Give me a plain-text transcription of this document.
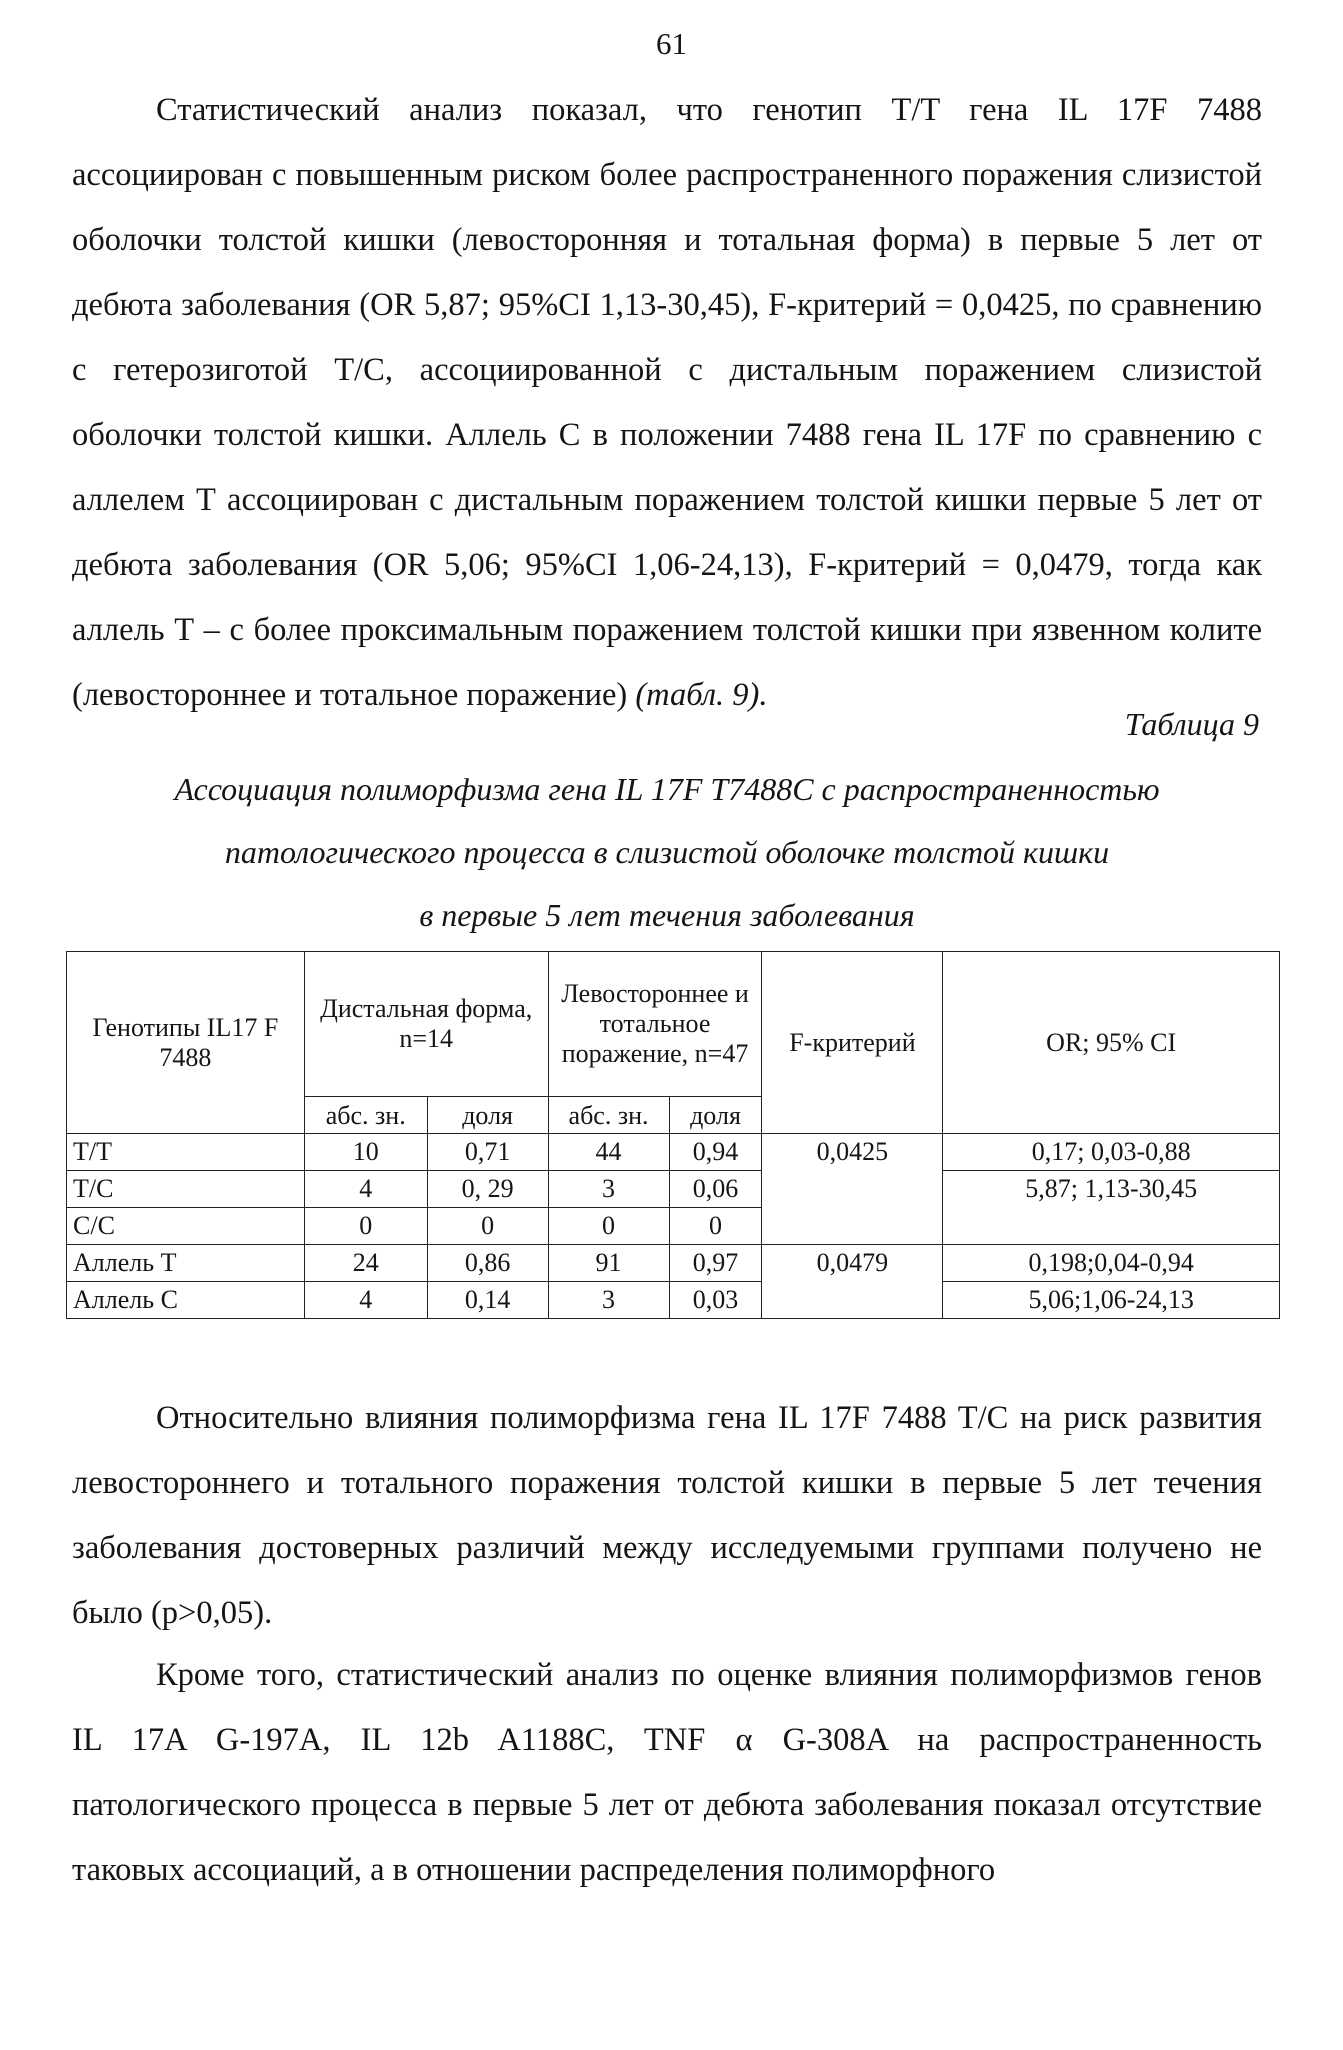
61

Статистический анализ показал, что генотип T/T гена IL 17F 7488 ассоциирован с повышенным риском более распространенного поражения слизистой оболочки толстой кишки (левосторонняя и тотальная форма) в первые 5 лет от дебюта заболевания (OR 5,87; 95%CI 1,13-30,45), F-критерий = 0,0425, по сравнению с гетерозиготой T/C, ассоциированной с дистальным поражением слизистой оболочки толстой кишки. Аллель С в положении 7488 гена IL 17F по сравнению с аллелем Т ассоциирован с дистальным поражением толстой кишки первые 5 лет от дебюта заболевания (OR 5,06; 95%CI 1,06-24,13), F-критерий = 0,0479, тогда как аллель Т – с более проксимальным поражением толстой кишки при язвенном колите (левостороннее и тотальное поражение) (табл. 9).

Таблица 9

Ассоциация полиморфизма гена IL 17F T7488C с распространенностью
патологического процесса в слизистой оболочке толстой кишки
в первые 5 лет течения заболевания

Генотипы IL17 F 7488	Дистальная форма, n=14		Левостороннее и тотальное поражение, n=47		F-критерий	OR; 95% CI
	абс. зн.	доля	абс. зн.	доля		
T/T	10	0,71	44	0,94	0,0425	0,17; 0,03-0,88
T/C	4	0, 29	3	0,06		5,87; 1,13-30,45
C/C	0	0	0	0		
Аллель Т	24	0,86	91	0,97	0,0479	0,198;0,04-0,94
Аллель С	4	0,14	3	0,03		5,06;1,06-24,13

Относительно влияния полиморфизма гена IL 17F 7488 T/C на риск развития левостороннего и тотального поражения толстой кишки в первые 5 лет течения заболевания достоверных различий между исследуемыми группами получено не было (p>0,05).

Кроме того, статистический анализ по оценке влияния полиморфизмов генов IL 17A G-197A, IL 12b A1188C, TNF α G-308A на распространенность патологического процесса в первые 5 лет от дебюта заболевания показал отсутствие таковых ассоциаций, а в отношении распределения полиморфного
